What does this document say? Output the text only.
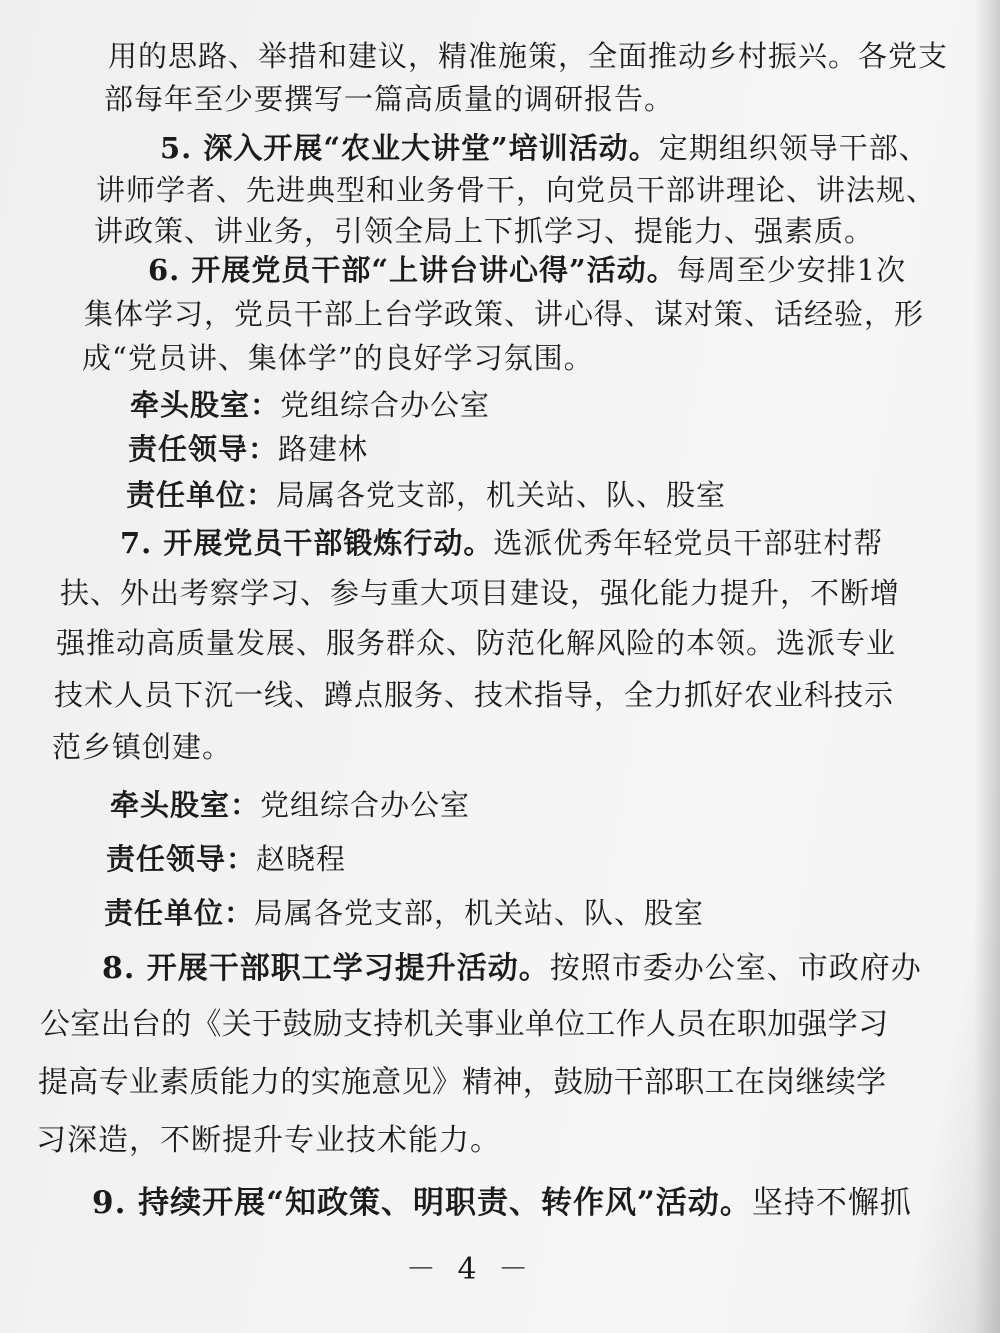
用的思路、举措和建议，精准施策，全面推动乡村振兴。各党支
部每年至少要撰写一篇高质量的调研报告。
5. 深入开展“农业大讲堂”培训活动。定期组织领导干部、
讲师学者、先进典型和业务骨干，向党员干部讲理论、讲法规、
讲政策、讲业务，引领全局上下抓学习、提能力、强素质。
6. 开展党员干部“上讲台讲心得”活动。每周至少安排1次
集体学习，党员干部上台学政策、讲心得、谋对策、话经验，形
成“党员讲、集体学”的良好学习氛围。
牵头股室：党组综合办公室
责任领导：路建林
责任单位：局属各党支部，机关站、队、股室
7. 开展党员干部锻炼行动。选派优秀年轻党员干部驻村帮
扶、外出考察学习、参与重大项目建设，强化能力提升，不断增
强推动高质量发展、服务群众、防范化解风险的本领。选派专业
技术人员下沉一线、蹲点服务、技术指导，全力抓好农业科技示
范乡镇创建。
牵头股室：党组综合办公室
责任领导：赵晓程
责任单位：局属各党支部，机关站、队、股室
8. 开展干部职工学习提升活动。按照市委办公室、市政府办
公室出台的《关于鼓励支持机关事业单位工作人员在职加强学习
提高专业素质能力的实施意见》精神，鼓励干部职工在岗继续学
习深造，不断提升专业技术能力。
9. 持续开展“知政策、明职责、转作风”活动。坚持不懈抓
－ 4 －
